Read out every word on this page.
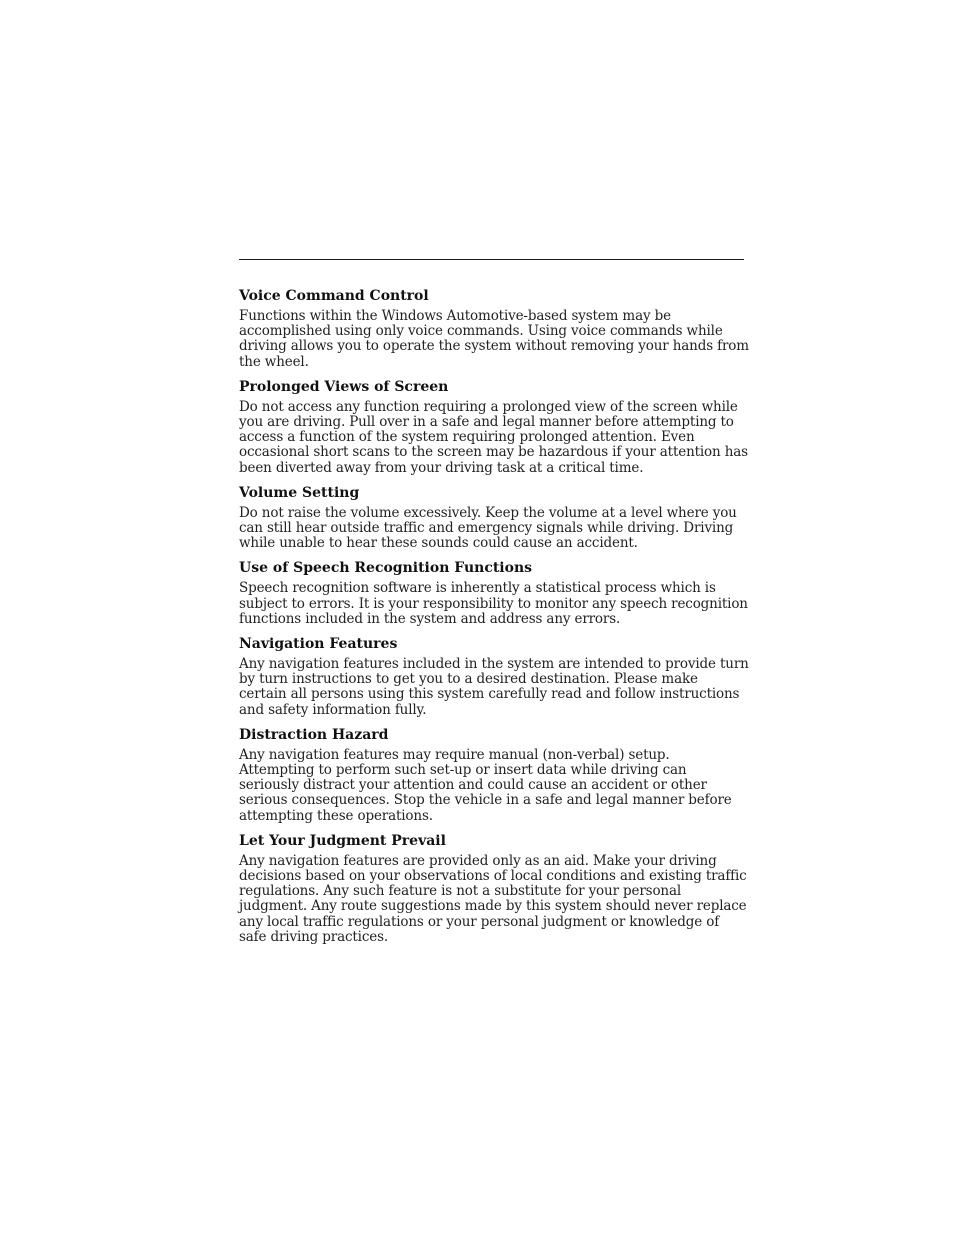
Voice Command Control

Functions within the Windows Automotive-based system may be accomplished using only voice commands. Using voice commands while driving allows you to operate the system without removing your hands from the wheel.

Prolonged Views of Screen

Do not access any function requiring a prolonged view of the screen while you are driving. Pull over in a safe and legal manner before attempting to access a function of the system requiring prolonged attention. Even occasional short scans to the screen may be hazardous if your attention has been diverted away from your driving task at a critical time.

Volume Setting

Do not raise the volume excessively. Keep the volume at a level where you can still hear outside traffic and emergency signals while driving. Driving while unable to hear these sounds could cause an accident.

Use of Speech Recognition Functions

Speech recognition software is inherently a statistical process which is subject to errors. It is your responsibility to monitor any speech recognition functions included in the system and address any errors.

Navigation Features

Any navigation features included in the system are intended to provide turn by turn instructions to get you to a desired destination. Please make certain all persons using this system carefully read and follow instructions and safety information fully.

Distraction Hazard

Any navigation features may require manual (non-verbal) setup. Attempting to perform such set-up or insert data while driving can seriously distract your attention and could cause an accident or other serious consequences. Stop the vehicle in a safe and legal manner before attempting these operations.

Let Your Judgment Prevail

Any navigation features are provided only as an aid. Make your driving decisions based on your observations of local conditions and existing traffic regulations. Any such feature is not a substitute for your personal judgment. Any route suggestions made by this system should never replace any local traffic regulations or your personal judgment or knowledge of safe driving practices.
